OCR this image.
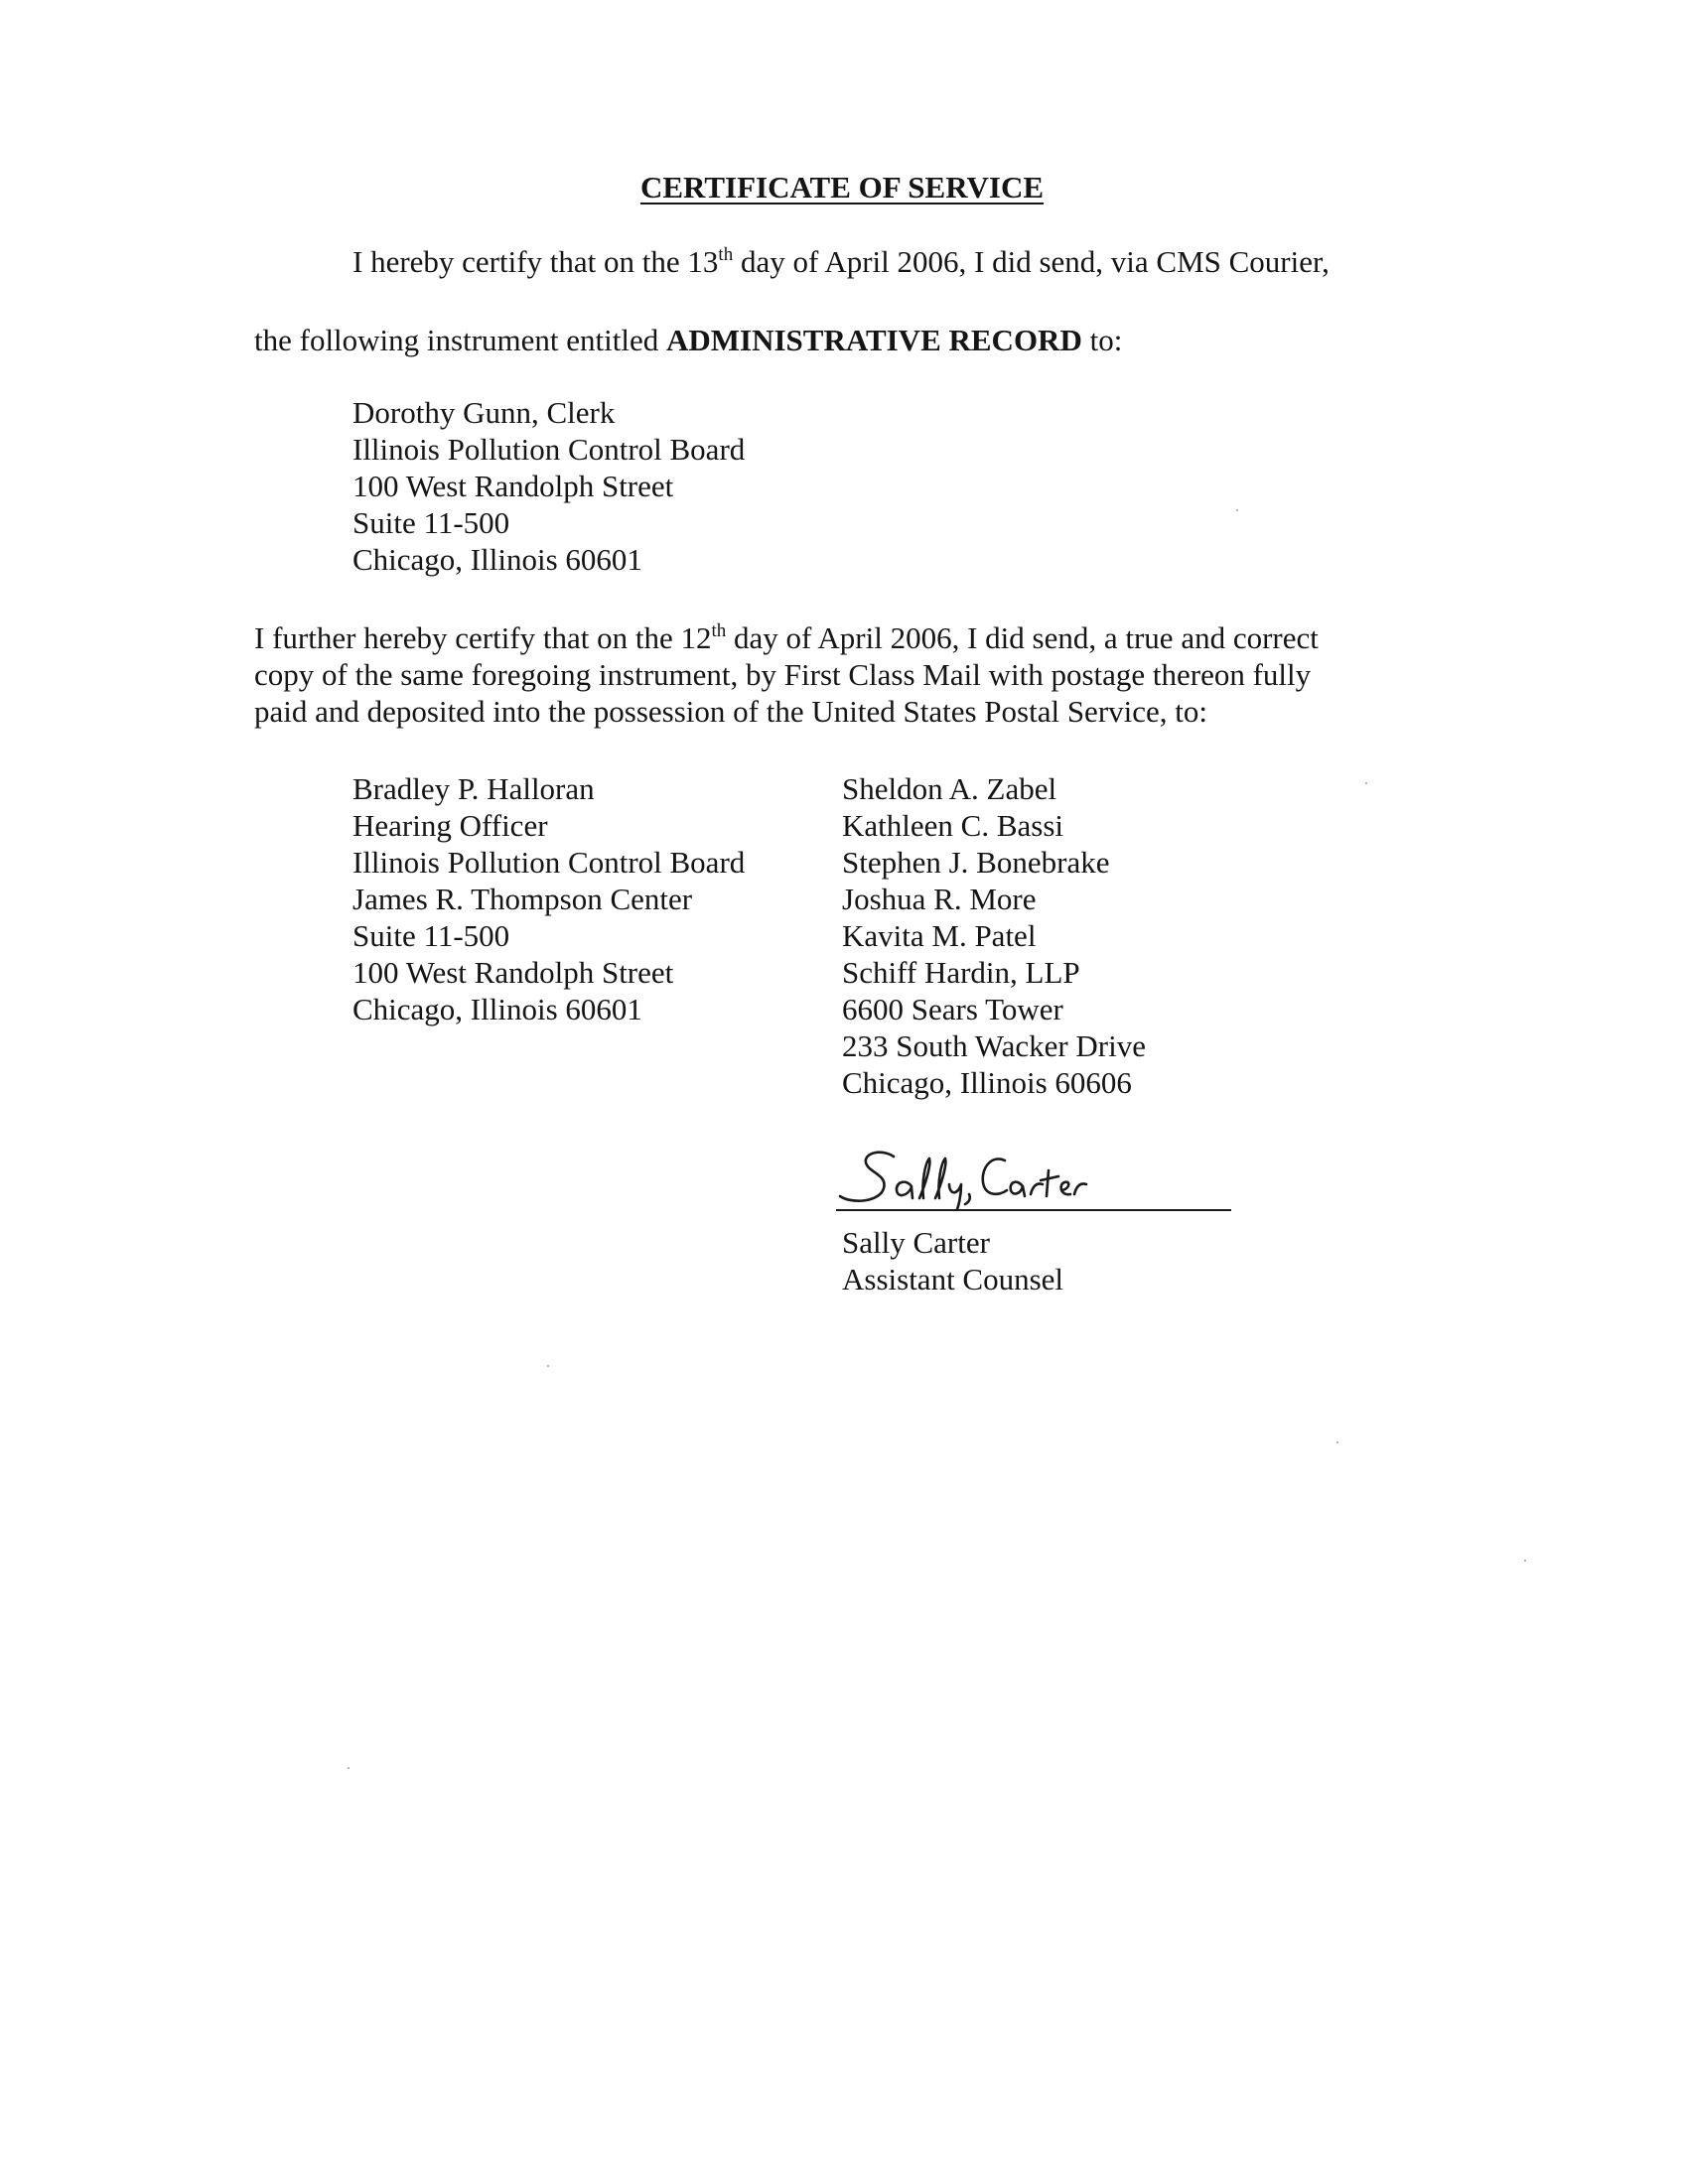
CERTIFICATE OF SERVICE
I hereby certify that on the 13th day of April 2006, I did send, via CMS Courier,
the following instrument entitled ADMINISTRATIVE RECORD to:
Dorothy Gunn, Clerk
Illinois Pollution Control Board
100 West Randolph Street
Suite 11-500
Chicago, Illinois 60601
I further hereby certify that on the 12th day of April 2006, I did send, a true and correct
copy of the same foregoing instrument, by First Class Mail with postage thereon fully
paid and deposited into the possession of the United States Postal Service, to:
Bradley P. Halloran
Hearing Officer
Illinois Pollution Control Board
James R. Thompson Center
Suite 11-500
100 West Randolph Street
Chicago, Illinois 60601
Sheldon A. Zabel
Kathleen C. Bassi
Stephen J. Bonebrake
Joshua R. More
Kavita M. Patel
Schiff Hardin, LLP
6600 Sears Tower
233 South Wacker Drive
Chicago, Illinois 60606
Sally Carter
Assistant Counsel
